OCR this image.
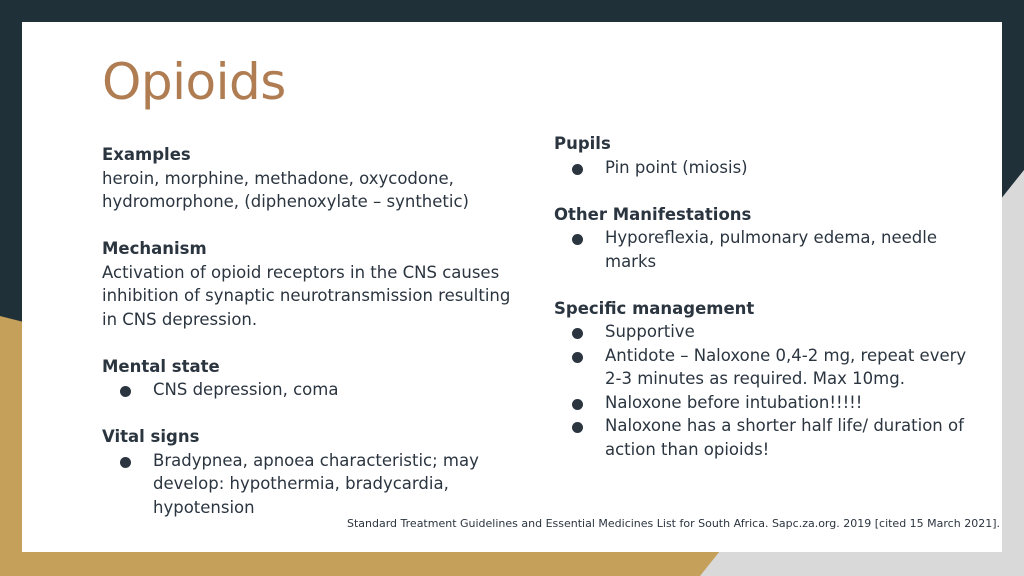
Opioids
Examples
heroin, morphine, methadone, oxycodone, hydromorphone, (diphenoxylate – synthetic)
Mechanism
Activation of opioid receptors in the CNS causes inhibition of synaptic neurotransmission resulting in CNS depression.
Mental state
CNS depression, coma
Vital signs
Bradypnea, apnoea characteristic; may develop: hypothermia, bradycardia, hypotension
Pupils
Pin point (miosis)
Other Manifestations
Hyporeflexia, pulmonary edema, needle marks
Specific management
Supportive
Antidote – Naloxone 0,4-2 mg, repeat every 2-3 minutes as required. Max 10mg.
Naloxone before intubation!!!!!
Naloxone has a shorter half life/ duration of action than opioids!
Standard Treatment Guidelines and Essential Medicines List for South Africa. Sapc.za.org. 2019 [cited 15 March 2021].
